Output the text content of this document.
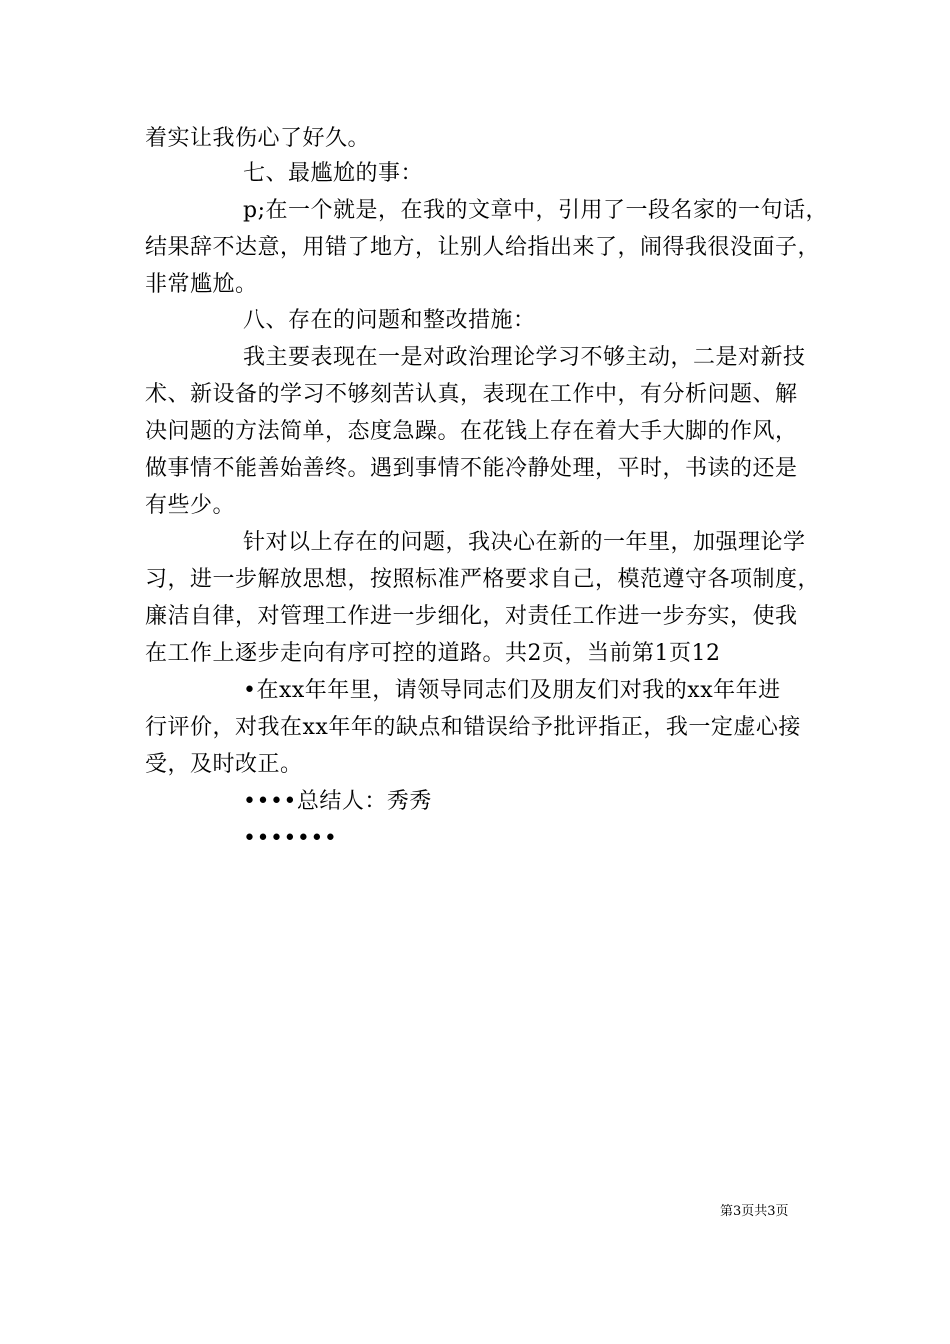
着实让我伤心了好久。
七、最尴尬的事：
p;在一个就是，在我的文章中，引用了一段名家的一句话，
结果辞不达意，用错了地方，让别人给指出来了，闹得我很没面子，
非常尴尬。
八、存在的问题和整改措施：
我主要表现在一是对政治理论学习不够主动，二是对新技
术、新设备的学习不够刻苦认真，表现在工作中，有分析问题、解
决问题的方法简单，态度急躁。在花钱上存在着大手大脚的作风，
做事情不能善始善终。遇到事情不能冷静处理，平时，书读的还是
有些少。
针对以上存在的问题，我决心在新的一年里，加强理论学
习，进一步解放思想，按照标准严格要求自己，模范遵守各项制度，
廉洁自律，对管理工作进一步细化，对责任工作进一步夯实，使我
在工作上逐步走向有序可控的道路。共2页，当前第1页12
•在xx年年里，请领导同志们及朋友们对我的xx年年进
行评价，对我在xx年年的缺点和错误给予批评指正，我一定虚心接
受，及时改正。
••••总结人：秀秀
•••••••
第3页共3页
